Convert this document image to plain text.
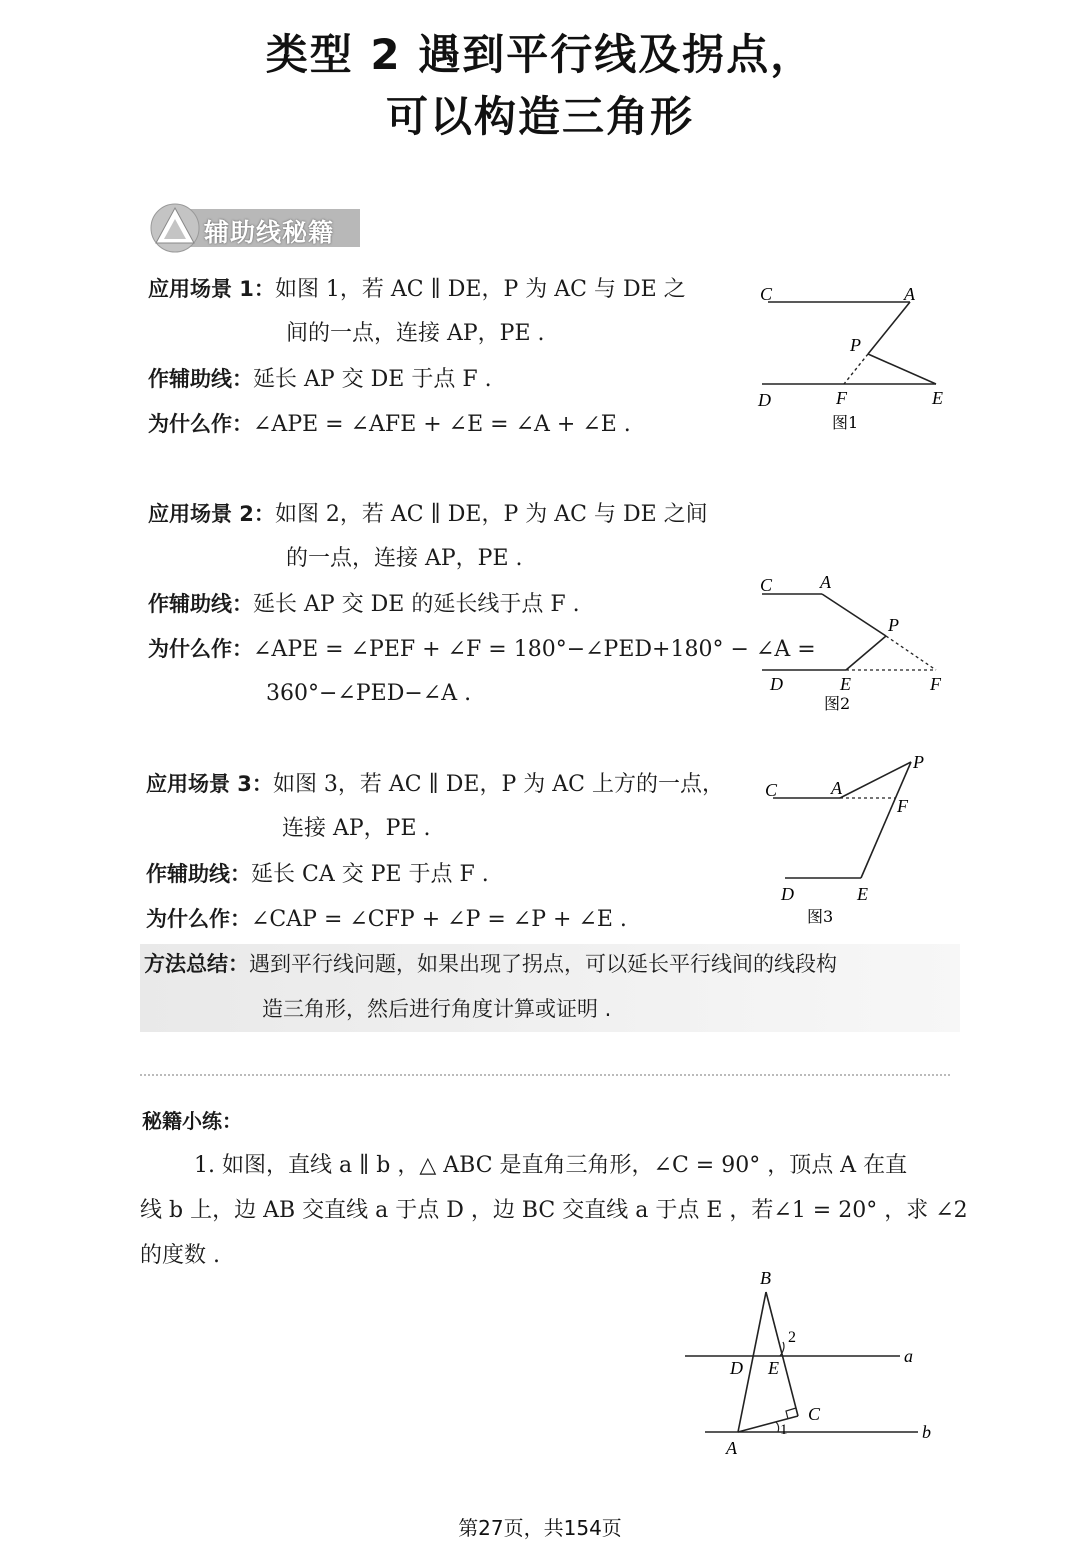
类型 2 遇到平行线及拐点，
可以构造三角形
辅助线秘籍
应用场景 1：如图 1，若 AC ∥ DE，P 为 AC 与 DE 之
间的一点，连接 AP，PE .
作辅助线：延长 AP 交 DE 于点 F .
为什么作：∠APE = ∠AFE + ∠E = ∠A + ∠E .
C	A
P
D	F	E
图1
应用场景 2：如图 2，若 AC ∥ DE，P 为 AC 与 DE 之间
的一点，连接 AP，PE .
作辅助线：延长 AP 交 DE 的延长线于点 F .
为什么作：∠APE = ∠PEF + ∠F = 180°−∠PED+180° − ∠A =
360°−∠PED−∠A .
C	A
P
D	E	F
图2
应用场景 3：如图 3，若 AC ∥ DE，P 为 AC 上方的一点，
连接 AP，PE .
作辅助线：延长 CA 交 PE 于点 F .
为什么作：∠CAP = ∠CFP + ∠P = ∠P + ∠E .
C	A
P
F
D	E
图3
方法总结：遇到平行线问题，如果出现了拐点，可以延长平行线间的线段构
造三角形，然后进行角度计算或证明 .
秘籍小练：
1. 如图，直线 a ∥ b ，△ ABC 是直角三角形，∠C = 90° ，顶点 A 在直
线 b 上，边 AB 交直线 a 于点 D ，边 BC 交直线 a 于点 E ，若∠1 = 20° ，求 ∠2
的度数 .
B
2
a
D E
C
1
A
b
第27页，共154页
